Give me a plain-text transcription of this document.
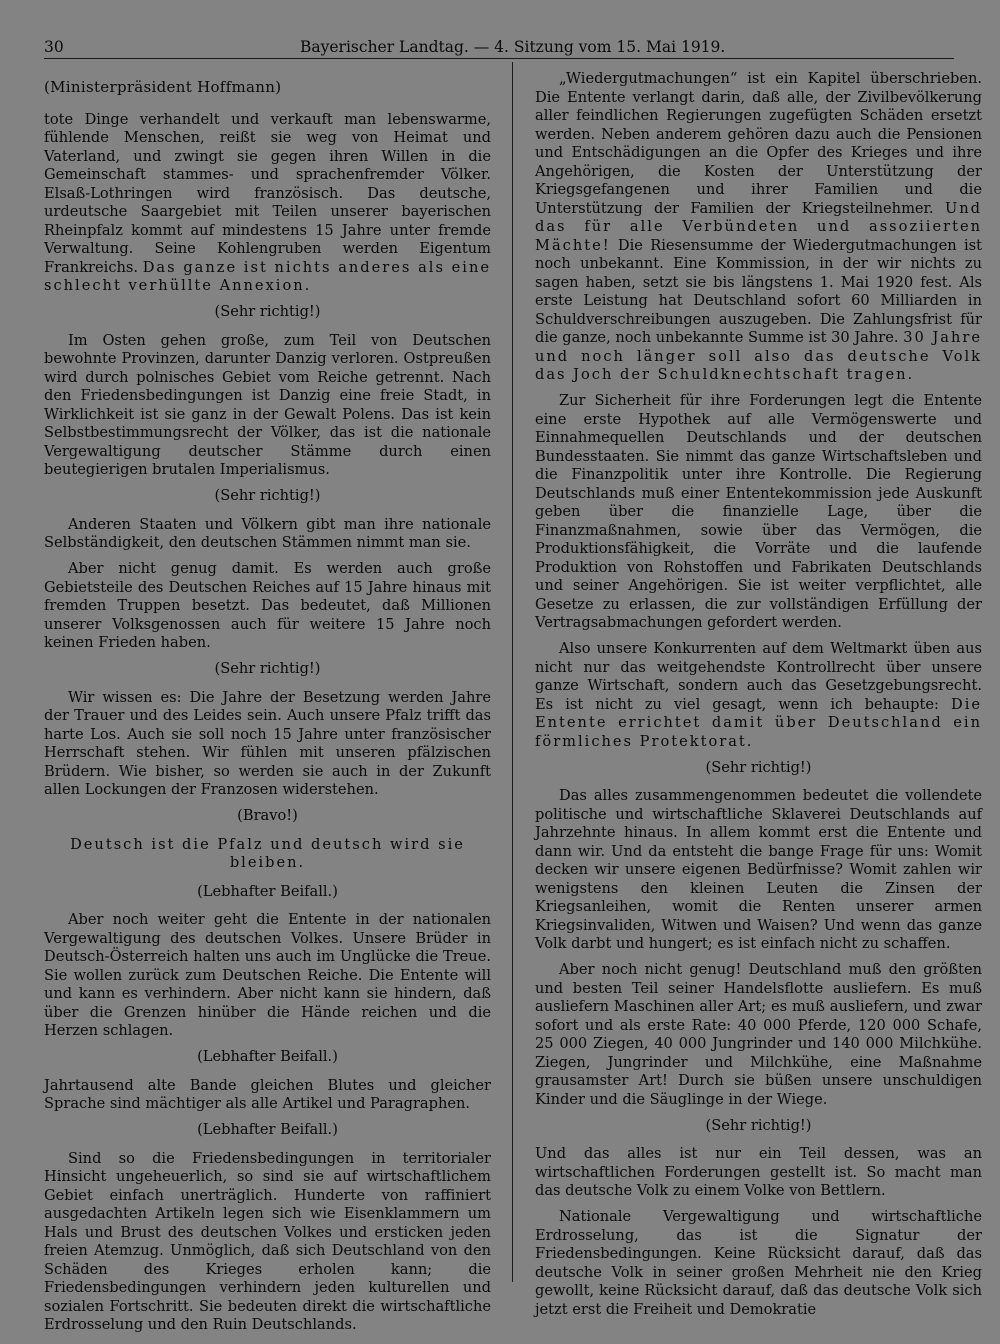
30	Bayerischer Landtag. — 4. Sitzung vom 15. Mai 1919.

(Ministerpräsident Hoffmann)

tote Dinge verhandelt und verkauft man lebenswarme, fühlende Menschen, reißt sie weg von Heimat und Vaterland, und zwingt sie gegen ihren Willen in die Gemeinschaft stammes- und sprachenfremder Völker. Elsaß-Lothringen wird französisch. Das deutsche, urdeutsche Saargebiet mit Teilen unserer bayerischen Rheinpfalz kommt auf mindestens 15 Jahre unter fremde Verwaltung. Seine Kohlengruben werden Eigentum Frankreichs. Das ganze ist nichts anderes als eine schlecht verhüllte Annexion.

(Sehr richtig!)

Im Osten gehen große, zum Teil von Deutschen bewohnte Provinzen, darunter Danzig verloren. Ostpreußen wird durch polnisches Gebiet vom Reiche getrennt. Nach den Friedensbedingungen ist Danzig eine freie Stadt, in Wirklichkeit ist sie ganz in der Gewalt Polens. Das ist kein Selbstbestimmungsrecht der Völker, das ist die nationale Vergewaltigung deutscher Stämme durch einen beutegierigen brutalen Imperialismus.

(Sehr richtig!)

Anderen Staaten und Völkern gibt man ihre nationale Selbständigkeit, den deutschen Stämmen nimmt man sie.

Aber nicht genug damit. Es werden auch große Gebietsteile des Deutschen Reiches auf 15 Jahre hinaus mit fremden Truppen besetzt. Das bedeutet, daß Millionen unserer Volksgenossen auch für weitere 15 Jahre noch keinen Frieden haben.

(Sehr richtig!)

Wir wissen es: Die Jahre der Besetzung werden Jahre der Trauer und des Leides sein. Auch unsere Pfalz trifft das harte Los. Auch sie soll noch 15 Jahre unter französischer Herrschaft stehen. Wir fühlen mit unseren pfälzischen Brüdern. Wie bisher, so werden sie auch in der Zukunft allen Lockungen der Franzosen widerstehen.

(Bravo!)

Deutsch ist die Pfalz und deutsch wird sie bleiben.

(Lebhafter Beifall.)

Aber noch weiter geht die Entente in der nationalen Vergewaltigung des deutschen Volkes. Unsere Brüder in Deutsch-Österreich halten uns auch im Unglücke die Treue. Sie wollen zurück zum Deutschen Reiche. Die Entente will und kann es verhindern. Aber nicht kann sie hindern, daß über die Grenzen hinüber die Hände reichen und die Herzen schlagen.

(Lebhafter Beifall.)

Jahrtausend alte Bande gleichen Blutes und gleicher Sprache sind mächtiger als alle Artikel und Paragraphen.

(Lebhafter Beifall.)

Sind so die Friedensbedingungen in territorialer Hinsicht ungeheuerlich, so sind sie auf wirtschaftlichem Gebiet einfach unerträglich. Hunderte von raffiniert ausgedachten Artikeln legen sich wie Eisenklammern um Hals und Brust des deutschen Volkes und ersticken jeden freien Atemzug. Unmöglich, daß sich Deutschland von den Schäden des Krieges erholen kann; die Friedensbedingungen verhindern jeden kulturellen und sozialen Fortschritt. Sie bedeuten direkt die wirtschaftliche Erdrosselung und den Ruin Deutschlands.

„Wiedergutmachungen“ ist ein Kapitel überschrieben. Die Entente verlangt darin, daß alle, der Zivilbevölkerung aller feindlichen Regierungen zugefügten Schäden ersetzt werden. Neben anderem gehören dazu auch die Pensionen und Entschädigungen an die Opfer des Krieges und ihre Angehörigen, die Kosten der Unterstützung der Kriegsgefangenen und ihrer Familien und die Unterstützung der Familien der Kriegsteilnehmer. Und das für alle Verbündeten und assoziierten Mächte! Die Riesensumme der Wiedergutmachungen ist noch unbekannt. Eine Kommission, in der wir nichts zu sagen haben, setzt sie bis längstens 1. Mai 1920 fest. Als erste Leistung hat Deutschland sofort 60 Milliarden in Schuldverschreibungen auszugeben. Die Zahlungsfrist für die ganze, noch unbekannte Summe ist 30 Jahre. 30 Jahre und noch länger soll also das deutsche Volk das Joch der Schuldknechtschaft tragen.

Zur Sicherheit für ihre Forderungen legt die Entente eine erste Hypothek auf alle Vermögenswerte und Einnahmequellen Deutschlands und der deutschen Bundesstaaten. Sie nimmt das ganze Wirtschaftsleben und die Finanzpolitik unter ihre Kontrolle. Die Regierung Deutschlands muß einer Ententekommission jede Auskunft geben über die finanzielle Lage, über die Finanzmaßnahmen, sowie über das Vermögen, die Produktionsfähigkeit, die Vorräte und die laufende Produktion von Rohstoffen und Fabrikaten Deutschlands und seiner Angehörigen. Sie ist weiter verpflichtet, alle Gesetze zu erlassen, die zur vollständigen Erfüllung der Vertragsabmachungen gefordert werden.

Also unsere Konkurrenten auf dem Weltmarkt üben aus nicht nur das weitgehendste Kontrollrecht über unsere ganze Wirtschaft, sondern auch das Gesetzgebungsrecht. Es ist nicht zu viel gesagt, wenn ich behaupte: Die Entente errichtet damit über Deutschland ein förmliches Protektorat.

(Sehr richtig!)

Das alles zusammengenommen bedeutet die vollendete politische und wirtschaftliche Sklaverei Deutschlands auf Jahrzehnte hinaus. In allem kommt erst die Entente und dann wir. Und da entsteht die bange Frage für uns: Womit decken wir unsere eigenen Bedürfnisse? Womit zahlen wir wenigstens den kleinen Leuten die Zinsen der Kriegsanleihen, womit die Renten unserer armen Kriegsinvaliden, Witwen und Waisen? Und wenn das ganze Volk darbt und hungert; es ist einfach nicht zu schaffen.

Aber noch nicht genug! Deutschland muß den größten und besten Teil seiner Handelsflotte ausliefern. Es muß ausliefern Maschinen aller Art; es muß ausliefern, und zwar sofort und als erste Rate: 40 000 Pferde, 120 000 Schafe, 25 000 Ziegen, 40 000 Jungrinder und 140 000 Milchkühe. Ziegen, Jungrinder und Milchkühe, eine Maßnahme grausamster Art! Durch sie büßen unsere unschuldigen Kinder und die Säuglinge in der Wiege.

(Sehr richtig!)

Und das alles ist nur ein Teil dessen, was an wirtschaftlichen Forderungen gestellt ist. So macht man das deutsche Volk zu einem Volke von Bettlern.

Nationale Vergewaltigung und wirtschaftliche Erdrosselung, das ist die Signatur der Friedensbedingungen. Keine Rücksicht darauf, daß das deutsche Volk in seiner großen Mehrheit nie den Krieg gewollt, keine Rücksicht darauf, daß das deutsche Volk sich jetzt erst die Freiheit und Demokratie
